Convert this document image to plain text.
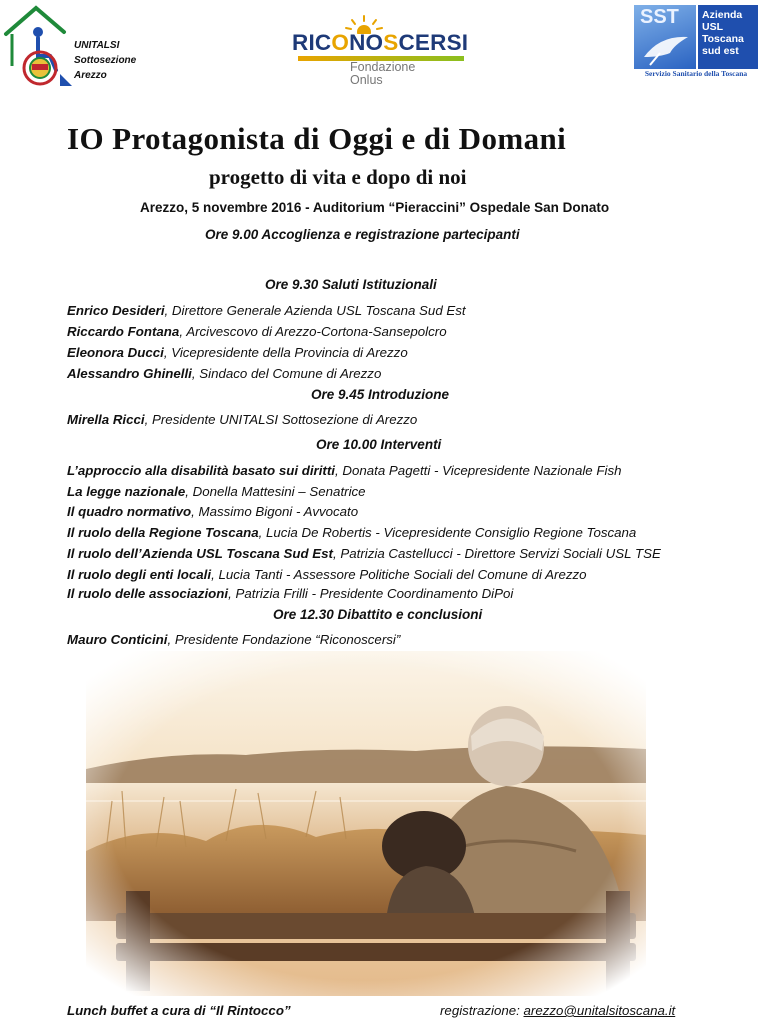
UNITALSI
Sottosezione
Arezzo
RICONOSCERSI
Fondazione
Onlus
SST Azienda
USL
Toscana
sud est
Servizio Sanitario della Toscana
IO Protagonista di Oggi e di Domani
progetto di vita e dopo di noi
Arezzo, 5 novembre 2016 - Auditorium “Pieraccini” Ospedale San Donato
Ore 9.00 Accoglienza e registrazione partecipanti
Ore 9.30 Saluti Istituzionali
Enrico Desideri, Direttore Generale Azienda USL Toscana Sud Est
Riccardo Fontana, Arcivescovo di Arezzo-Cortona-Sansepolcro
Eleonora Ducci, Vicepresidente della Provincia di Arezzo
Alessandro Ghinelli, Sindaco del Comune di Arezzo
Ore 9.45 Introduzione
Mirella Ricci, Presidente UNITALSI Sottosezione di Arezzo
Ore 10.00 Interventi
L’approccio alla disabilità basato sui diritti, Donata Pagetti - Vicepresidente Nazionale Fish
La legge nazionale, Donella Mattesini – Senatrice
Il quadro normativo, Massimo Bigoni - Avvocato
Il ruolo della Regione Toscana, Lucia De Robertis - Vicepresidente Consiglio Regione Toscana
Il ruolo dell’Azienda USL Toscana Sud Est, Patrizia Castellucci - Direttore Servizi Sociali USL TSE
Il ruolo degli enti locali, Lucia Tanti - Assessore Politiche Sociali del Comune di Arezzo
Il ruolo delle associazioni, Patrizia Frilli - Presidente Coordinamento DiPoi
Ore 12.30 Dibattito e conclusioni
Mauro Conticini, Presidente Fondazione “Riconoscersi”
Lunch buffet a cura di “Il Rintocco”	registrazione: arezzo@unitalsitoscana.it
